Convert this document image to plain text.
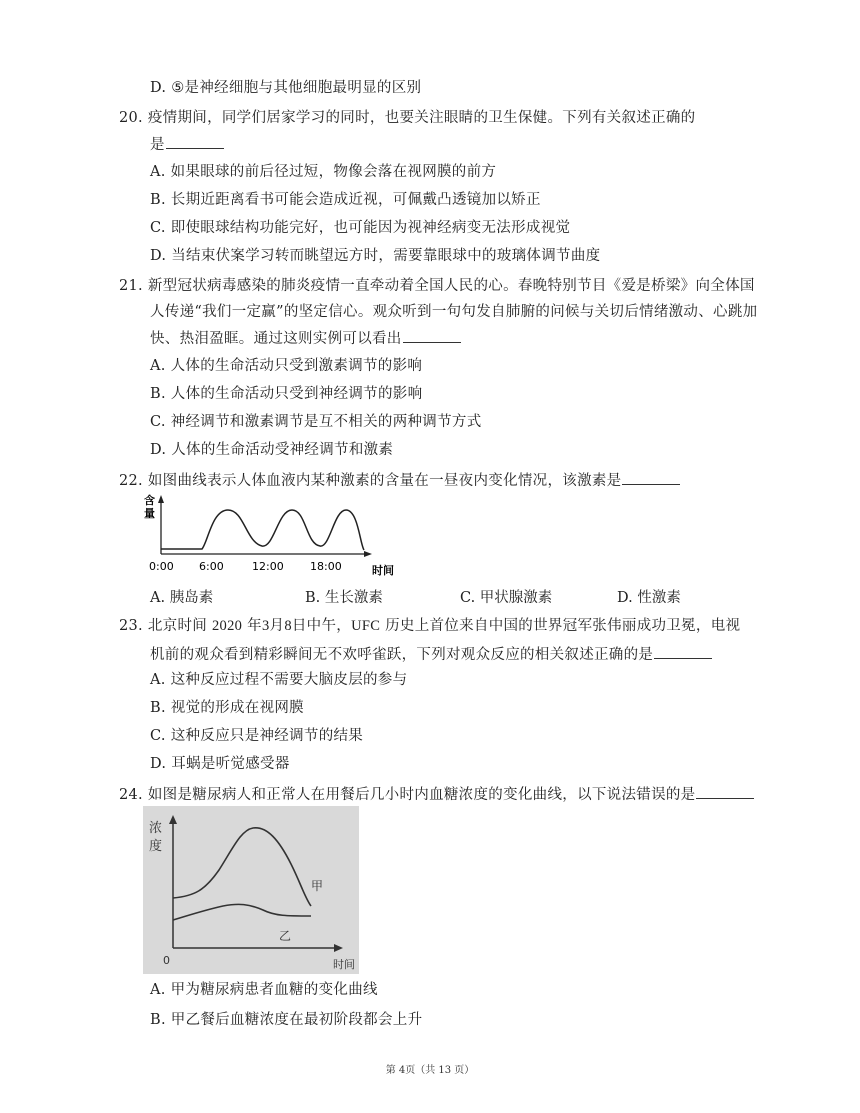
D. ⑤是神经细胞与其他细胞最明显的区别
20. 疫情期间，同学们居家学习的同时，也要关注眼睛的卫生保健。下列有关叙述正确的
是
A. 如果眼球的前后径过短，物像会落在视网膜的前方
B. 长期近距离看书可能会造成近视，可佩戴凸透镜加以矫正
C. 即使眼球结构功能完好，也可能因为视神经病变无法形成视觉
D. 当结束伏案学习转而眺望远方时，需要靠眼球中的玻璃体调节曲度
21. 新型冠状病毒感染的肺炎疫情一直牵动着全国人民的心。春晚特别节目《爱是桥梁》向全体国
人传递“我们一定赢”的坚定信心。观众听到一句句发自肺腑的问候与关切后情绪激动、心跳加
快、热泪盈眶。通过这则实例可以看出
A. 人体的生命活动只受到激素调节的影响
B. 人体的生命活动只受到神经调节的影响
C. 神经调节和激素调节是互不相关的两种调节方式
D. 人体的生命活动受神经调节和激素
22. 如图曲线表示人体血液内某种激素的含量在一昼夜内变化情况，该激素是
含
量
0:00 6:00	12:00 18:00	时间
A. 胰岛素	B. 生长激素	C. 甲状腺激素	D. 性激素
23. 北京时间 2020 年3月8日中午，UFC 历史上首位来自中国的世界冠军张伟丽成功卫冕，电视
机前的观众看到精彩瞬间无不欢呼雀跃，下列对观众反应的相关叙述正确的是
A. 这种反应过程不需要大脑皮层的参与
B. 视觉的形成在视网膜
C. 这种反应只是神经调节的结果
D. 耳蜗是听觉感受器
24. 如图是糖尿病人和正常人在用餐后几小时内血糖浓度的变化曲线，以下说法错误的是
浓
度
0
甲
乙
时间
A. 甲为糖尿病患者血糖的变化曲线
B. 甲乙餐后血糖浓度在最初阶段都会上升
第 4页（共 13 页）
